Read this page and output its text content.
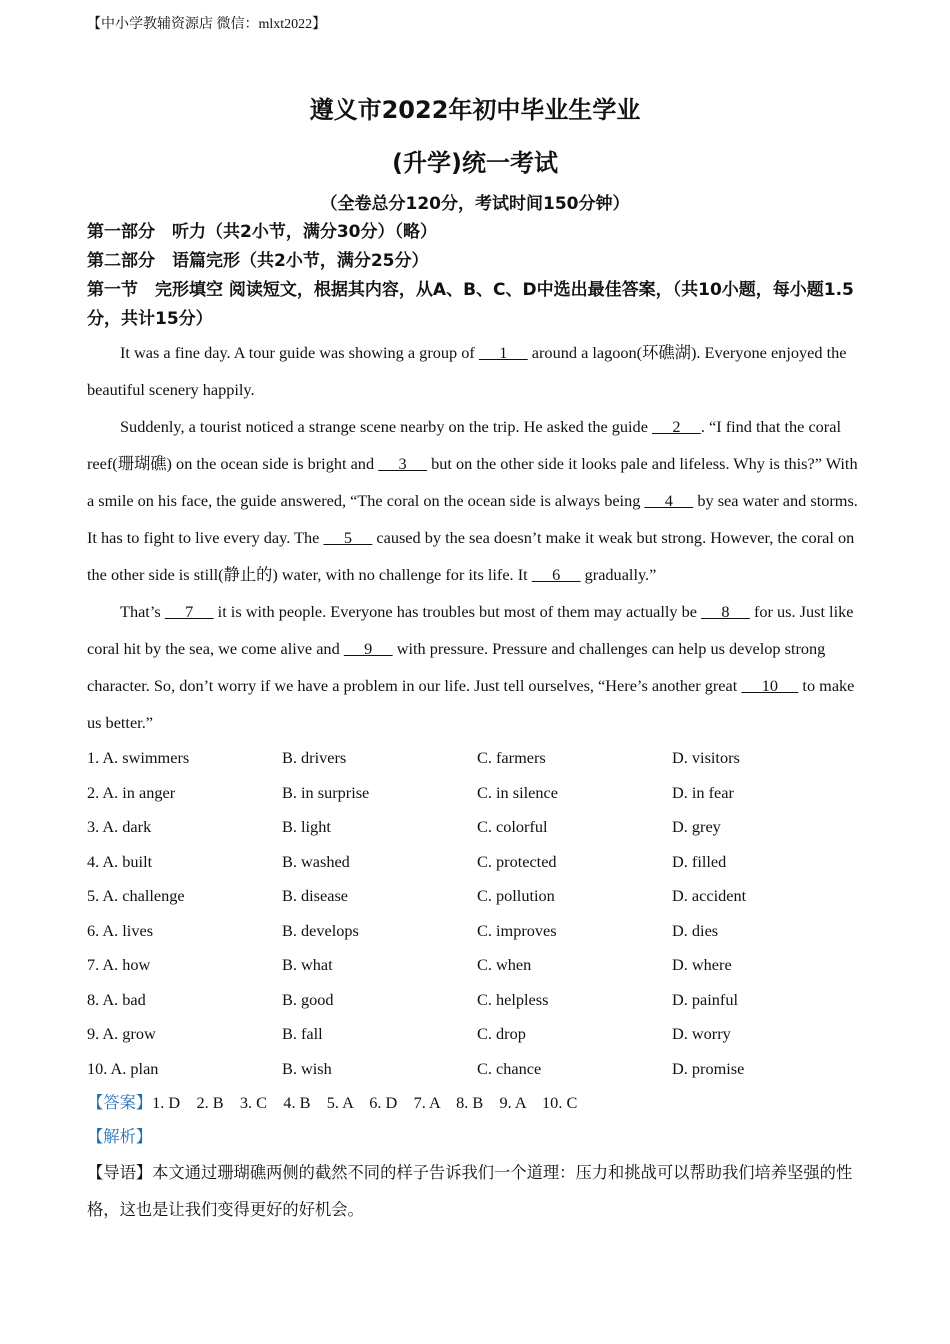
【中小学教辅资源店 微信：mlxt2022】
遵义市2022年初中毕业生学业
(升学)统一考试
（全卷总分120分，考试时间150分钟）
第一部分　听力（共2小节，满分30分）（略）
第二部分　语篇完形（共2小节，满分25分）
第一节　完形填空 阅读短文，根据其内容，从A、B、C、D中选出最佳答案，（共10小题，每小题1.5分，共计15分）

It was a fine day. A tour guide was showing a group of      1      around a lagoon(环礁湖). Everyone enjoyed the beautiful scenery happily.

Suddenly, a tourist noticed a strange scene nearby on the trip. He asked the guide      2     . “I find that the coral reef(珊瑚礁) on the ocean side is bright and      3      but on the other side it looks pale and lifeless. Why is this?” With a smile on his face, the guide answered, “The coral on the ocean side is always being      4      by sea water and storms. It has to fight to live every day. The      5      caused by the sea doesn’t make it weak but strong. However, the coral on the other side is still(静止的) water, with no challenge for its life. It      6      gradually.”

That’s      7      it is with people. Everyone has troubles but most of them may actually be      8      for us. Just like coral hit by the sea, we come alive and      9      with pressure. Pressure and challenges can help us develop strong character. So, don’t worry if we have a problem in our life. Just tell ourselves, “Here’s another great      10      to make us better.”

1. A. swimmers	B. drivers	C. farmers	D. visitors
2. A. in anger	B. in surprise	C. in silence	D. in fear
3. A. dark	B. light	C. colorful	D. grey
4. A. built	B. washed	C. protected	D. filled
5. A. challenge	B. disease	C. pollution	D. accident
6. A. lives	B. develops	C. improves	D. dies
7. A. how	B. what	C. when	D. where
8. A. bad	B. good	C. helpless	D. painful
9. A. grow	B. fall	C. drop	D. worry
10. A. plan	B. wish	C. chance	D. promise
【答案】1. D　2. B　3. C　4. B　5. A　6. D　7. A　8. B　9. A　10. C
【解析】

【导语】本文通过珊瑚礁两侧的截然不同的样子告诉我们一个道理：压力和挑战可以帮助我们培养坚强的性格，这也是让我们变得更好的好机会。
